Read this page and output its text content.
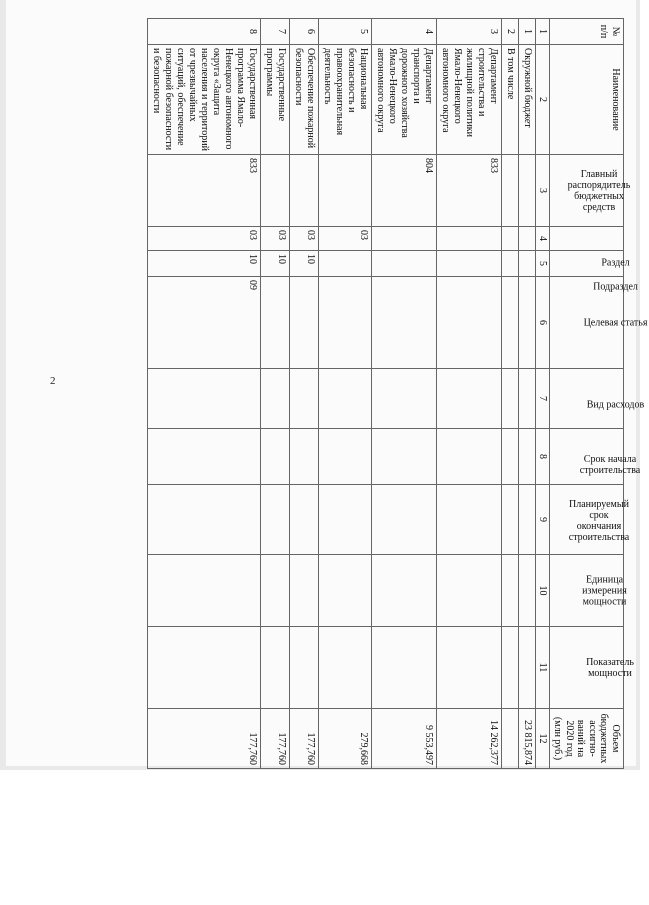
2
№ п/п	Наименование	Главный распорядитель бюджетных средств	Раздел	Подраздел	Целевая статья	Вид расходов	Срок начала строительства	Планируемый срок окончания строительства	Единица измерения мощности	Показатель мощности	Объем бюджетных ассигно-ваний на 2020 год (млн руб.)
1	2	3	4	5	6	7	8	9	10	11	12
1	Окружной бюджет										23 815,874
2	В том числе										
3	Департамент строительства и жилищной политики Ямало-Ненецкого автономного округа	833									14 262,377
4	Департамент транспорта и дорожного хозяйства Ямало-Ненецкого автономного округа	804									9 553,497
5	Национальная безопасность и правоохранительная деятельность		03								279,668
6	Обеспечение пожарной безопасности		03	10							177,760
7	Государственные программы		03	10							177,760
8	Государственная программа Ямало-Ненецкого автономного округа «Защита населения и территорий от чрезвычайных ситуаций, обеспечение пожарной безопасности и безопасности	833	03	10	09						177,760
